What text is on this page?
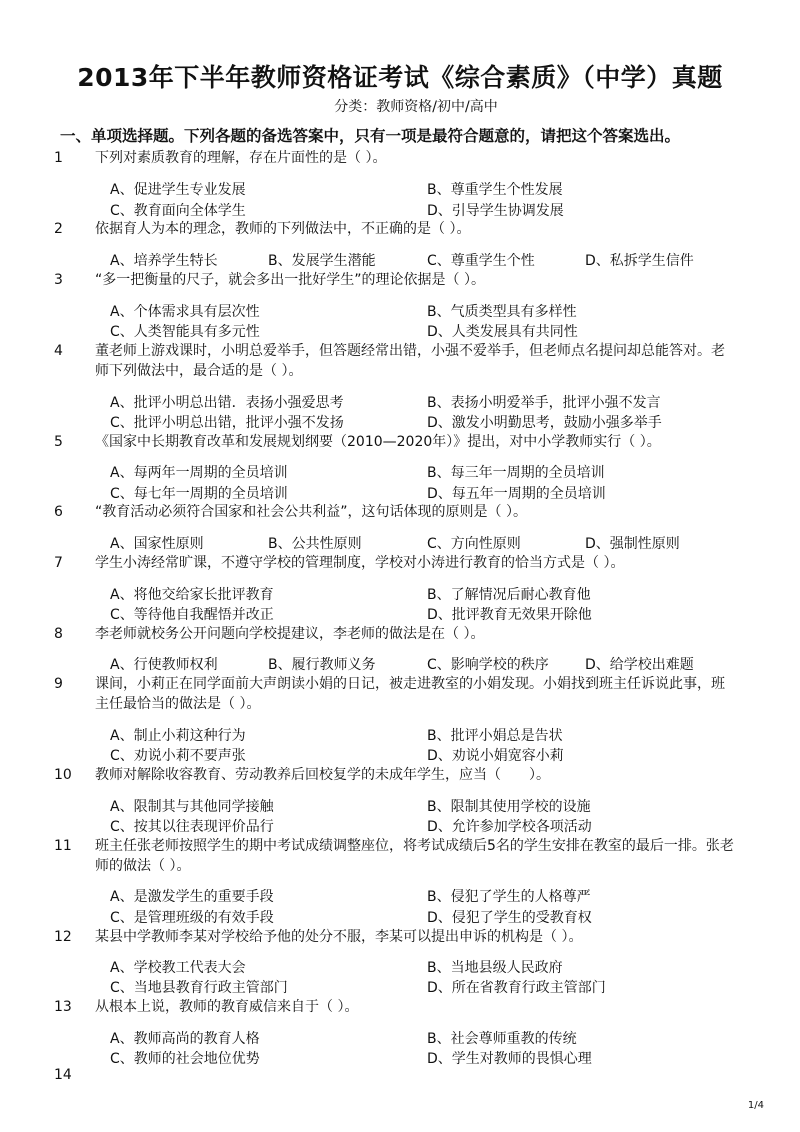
2013年下半年教师资格证考试《综合素质》（中学）真题
分类：教师资格/初中/高中
一、单项选择题。下列各题的备选答案中，只有一项是最符合题意的，请把这个答案选出。
1 下列对素质教育的理解，存在片面性的是（ ）。
A、促进学生专业发展	B、尊重学生个性发展
C、教育面向全体学生	D、引导学生协调发展
2 依据育人为本的理念，教师的下列做法中，不正确的是（ ）。
A、培养学生特长	B、发展学生潜能	C、尊重学生个性	D、私拆学生信件
3 “多一把衡量的尺子，就会多出一批好学生”的理论依据是（ ）。
A、个体需求具有层次性	B、气质类型具有多样性
C、人类智能具有多元性	D、人类发展具有共同性
4 董老师上游戏课时，小明总爱举手，但答题经常出错，小强不爱举手，但老师点名提问却总能答对。老师下列做法中，最合适的是（ ）。
A、批评小明总出错．表扬小强爱思考	B、表扬小明爱举手，批评小强不发言
C、批评小明总出错，批评小强不发扬	D、激发小明勤思考，鼓励小强多举手
5 《国家中长期教育改革和发展规划纲要（2010—2020年）》提出，对中小学教师实行（ ）。
A、每两年一周期的全员培训	B、每三年一周期的全员培训
C、每七年一周期的全员培训	D、每五年一周期的全员培训
6 “教育活动必须符合国家和社会公共利益”，这句话体现的原则是（ ）。
A、国家性原则	B、公共性原则	C、方向性原则	D、强制性原则
7 学生小涛经常旷课，不遵守学校的管理制度，学校对小涛进行教育的恰当方式是（ ）。
A、将他交给家长批评教育	B、了解情况后耐心教育他
C、等待他自我醒悟并改正	D、批评教育无效果开除他
8 李老师就校务公开问题向学校提建议，李老师的做法是在（ ）。
A、行使教师权利	B、履行教师义务	C、影响学校的秩序	D、给学校出难题
9 课间，小莉正在同学面前大声朗读小娟的日记，被走进教室的小娟发现。小娟找到班主任诉说此事，班主任最恰当的做法是（ ）。
A、制止小莉这种行为	B、批评小娟总是告状
C、劝说小莉不要声张	D、劝说小娟宽容小莉
10 教师对解除收容教育、劳动教养后回校复学的未成年学生，应当（　　）。
A、限制其与其他同学接触	B、限制其使用学校的设施
C、按其以往表现评价品行	D、允许参加学校各项活动
11 班主任张老师按照学生的期中考试成绩调整座位，将考试成绩后5名的学生安排在教室的最后一排。张老师的做法（ ）。
A、是激发学生的重要手段	B、侵犯了学生的人格尊严
C、是管理班级的有效手段	D、侵犯了学生的受教育权
12 某县中学教师李某对学校给予他的处分不服，李某可以提出申诉的机构是（ ）。
A、学校教工代表大会	B、当地县级人民政府
C、当地县教育行政主管部门	D、所在省教育行政主管部门
13 从根本上说，教师的教育威信来自于（ ）。
A、教师高尚的教育人格	B、社会尊师重教的传统
C、教师的社会地位优势	D、学生对教师的畏惧心理
14
1/4
